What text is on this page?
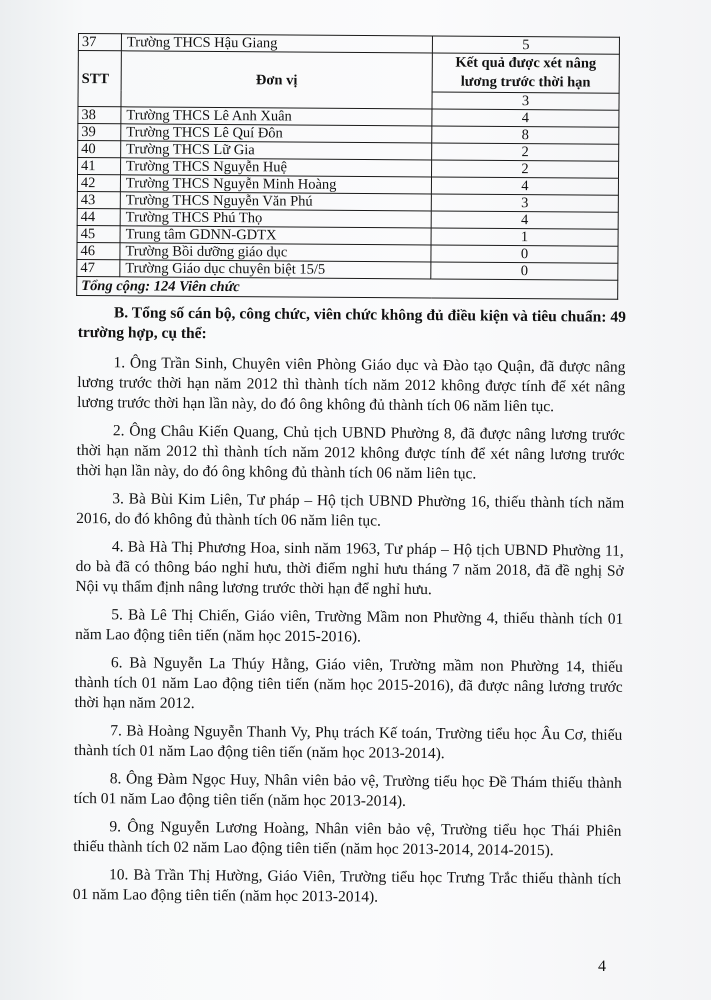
37	Trường THCS Hậu Giang	5
STT	Đơn vị	Kết quả được xét nâng lương trước thời hạn
		3
38	Trường THCS Lê Anh Xuân	4
39	Trường THCS Lê Quí Đôn	8
40	Trường THCS Lữ Gia	2
41	Trường THCS Nguyễn Huệ	2
42	Trường THCS Nguyễn Minh Hoàng	4
43	Trường THCS Nguyễn Văn Phú	3
44	Trường THCS Phú Thọ	4
45	Trung tâm GDNN-GDTX	1
46	Trường Bồi dưỡng giáo dục	0
47	Trường Giáo dục chuyên biệt 15/5	0
Tổng cộng: 124 Viên chức		

B. Tổng số cán bộ, công chức, viên chức không đủ điều kiện và tiêu chuẩn: 49 trường hợp, cụ thể:

1. Ông Trần Sinh, Chuyên viên Phòng Giáo dục và Đào tạo Quận, đã được nâng lương trước thời hạn năm 2012 thì thành tích năm 2012 không được tính để xét nâng lương trước thời hạn lần này, do đó ông không đủ thành tích 06 năm liên tục.

2. Ông Châu Kiến Quang, Chủ tịch UBND Phường 8, đã được nâng lương trước thời hạn năm 2012 thì thành tích năm 2012 không được tính để xét nâng lương trước thời hạn lần này, do đó ông không đủ thành tích 06 năm liên tục.

3. Bà Bùi Kim Liên, Tư pháp – Hộ tịch UBND Phường 16, thiếu thành tích năm 2016, do đó không đủ thành tích 06 năm liên tục.

4. Bà Hà Thị Phương Hoa, sinh năm 1963, Tư pháp – Hộ tịch UBND Phường 11, do bà đã có thông báo nghỉ hưu, thời điểm nghỉ hưu tháng 7 năm 2018, đã đề nghị Sở Nội vụ thẩm định nâng lương trước thời hạn để nghỉ hưu.

5. Bà Lê Thị Chiến, Giáo viên, Trường Mầm non Phường 4, thiếu thành tích 01 năm Lao động tiên tiến (năm học 2015-2016).

6. Bà Nguyễn La Thúy Hằng, Giáo viên, Trường mầm non Phường 14, thiếu thành tích 01 năm Lao động tiên tiến (năm học 2015-2016), đã được nâng lương trước thời hạn năm 2012.

7. Bà Hoàng Nguyễn Thanh Vy, Phụ trách Kế toán, Trường tiểu học Âu Cơ, thiếu thành tích 01 năm Lao động tiên tiến (năm học 2013-2014).

8. Ông Đàm Ngọc Huy, Nhân viên bảo vệ, Trường tiểu học Đề Thám thiếu thành tích 01 năm Lao động tiên tiến (năm học 2013-2014).

9. Ông Nguyễn Lương Hoàng, Nhân viên bảo vệ, Trường tiểu học Thái Phiên thiếu thành tích 02 năm Lao động tiên tiến (năm học 2013-2014, 2014-2015).

10. Bà Trần Thị Hường, Giáo Viên, Trường tiểu học Trưng Trắc thiếu thành tích 01 năm Lao động tiên tiến (năm học 2013-2014).

4
